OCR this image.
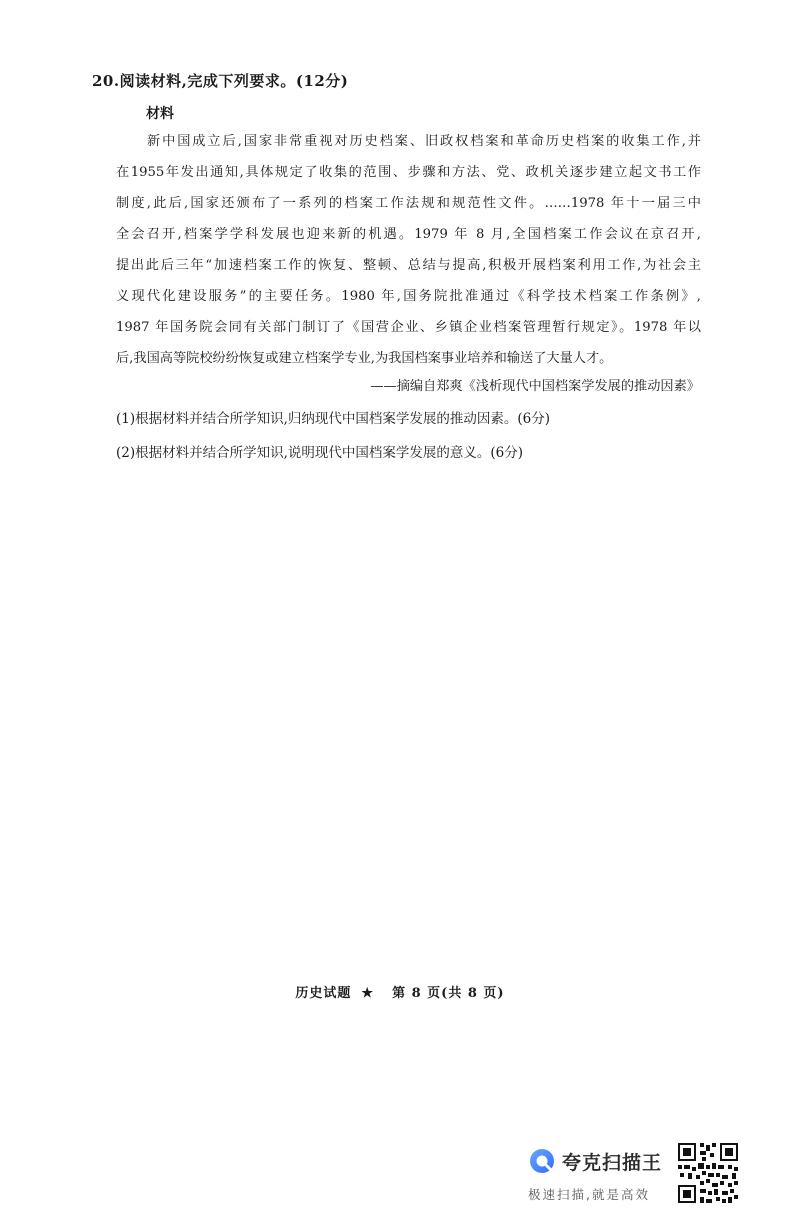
20.阅读材料,完成下列要求。(12分)
材料
新中国成立后,国家非常重视对历史档案、旧政权档案和革命历史档案的收集工作,并
在1955年发出通知,具体规定了收集的范围、步骤和方法、党、政机关逐步建立起文书工作
制度,此后,国家还颁布了一系列的档案工作法规和规范性文件。……1978 年十一届三中
全会召开,档案学学科发展也迎来新的机遇。1979 年 8 月,全国档案工作会议在京召开,
提出此后三年“加速档案工作的恢复、整顿、总结与提高,积极开展档案利用工作,为社会主
义现代化建设服务”的主要任务。1980 年,国务院批准通过《科学技术档案工作条例》,
1987 年国务院会同有关部门制订了《国营企业、乡镇企业档案管理暂行规定》。1978 年以
后,我国高等院校纷纷恢复或建立档案学专业,为我国档案事业培养和输送了大量人才。
——摘编自郑爽《浅析现代中国档案学发展的推动因素》
(1)根据材料并结合所学知识,归纳现代中国档案学发展的推动因素。(6分)
(2)根据材料并结合所学知识,说明现代中国档案学发展的意义。(6分)
历史试题 ★ 第 8 页(共 8 页)
夸克扫描王
极速扫描,就是高效
